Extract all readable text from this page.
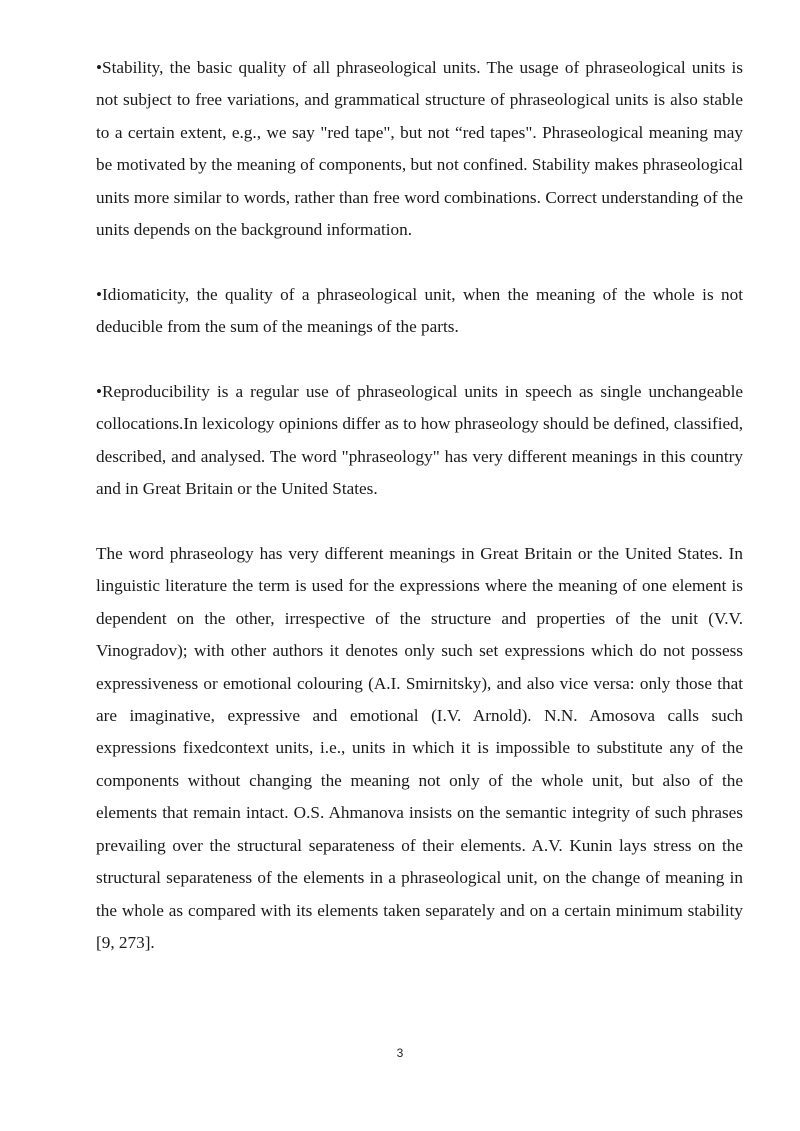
•Stability, the basic quality of all phraseological units. The usage of phraseological units is not subject to free variations, and grammatical structure of phraseological units is also stable to a certain extent, e.g., we say "red tape", but not “red tapes". Phraseological meaning may be motivated by the meaning of components, but not confined. Stability makes phraseological units more similar to words, rather than free word combinations. Correct understanding of the units depends on the background information.

•Idiomaticity, the quality of a phraseological unit, when the meaning of the whole is not deducible from the sum of the meanings of the parts.

•Reproducibility is a regular use of phraseological units in speech as single unchangeable collocations.In lexicology opinions differ as to how phraseology should be defined, classified, described, and analysed. The word "phraseology" has very different meanings in this country and in Great Britain or the United States.

The word phraseology has very different meanings in Great Britain or the United States. In linguistic literature the term is used for the expressions where the meaning of one element is dependent on the other, irrespective of the structure and properties of the unit (V.V. Vinogradov); with other authors it denotes only such set expressions which do not possess expressiveness or emotional colouring (A.I. Smirnitsky), and also vice versa: only those that are imaginative, expressive and emotional (I.V. Arnold). N.N. Amosova calls such expressions fixedcontext units, i.e., units in which it is impossible to substitute any of the components without changing the meaning not only of the whole unit, but also of the elements that remain intact. O.S. Ahmanova insists on the semantic integrity of such phrases prevailing over the structural separateness of their elements. A.V. Kunin lays stress on the structural separateness of the elements in a phraseological unit, on the change of meaning in the whole as compared with its elements taken separately and on a certain minimum stability [9, 273].

3
